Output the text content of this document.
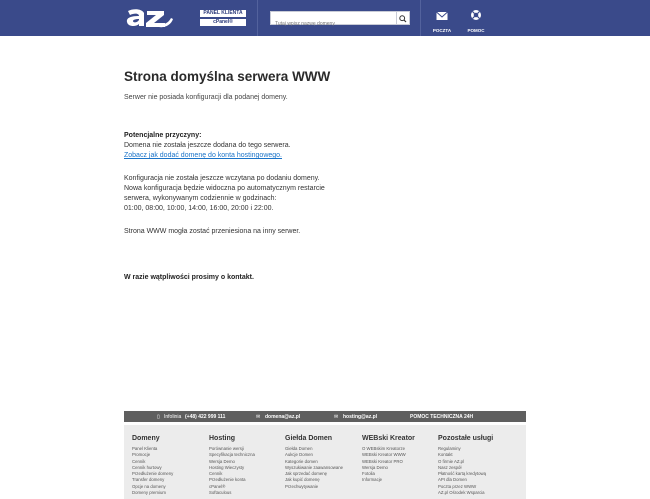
PANEL KLIENTA
cPanel®
Tutaj wpisz nazwę domeny
POCZTA	POMOC
Strona domyślna serwera WWW
Serwer nie posiada konfiguracji dla podanej domeny.
Potencjalne przyczyny:
Domena nie została jeszcze dodana do tego serwera.
Zobacz jak dodać domenę do konta hostingowego.
Konfiguracja nie została jeszcze wczytana po dodaniu domeny.
Nowa konfiguracja będzie widoczna po automatycznym restarcie
serwera, wykonywanym codziennie w godzinach:
01:00, 08:00, 10:00, 14:00, 16:00, 20:00 i 22:00.
Strona WWW mogła zostać przeniesiona na inny serwer.
W razie wątpliwości prosimy o kontakt.
▯ Infolinia (+48) 422 999 111	✉ domena@az.pl	✉ hosting@az.pl	POMOC TECHNICZNA 24H
Domeny
Panel Klienta
Promocje
Cennik
Cennik hurtowy
Przedłużenie domeny
Transfer domeny
Opcje na domeny
Domeny premium
Hosting
Porównanie wersji
Specyfikacja techniczna
Wersja Demo
Hosting Wieczysty
Cennik
Przedłużenie konta
cPanel®
Softaculous
Giełda Domen
Giełda Domen
Aukcje Domen
Kategorie domen
Wyszukiwanie zaawansowane
Jak sprzedać domenę
Jak kupić domenę
Przechwytywanie
WEBski Kreator
O WEBskim Kreatorze
WEBski Kreator WWW
WEBski Kreator PRO
Wersja Demo
Fotolia
Informacje
Pozostałe usługi
Regulaminy
Kontakt
O firmie AZ.pl
Nasz zespół
Płatność kartą kredytową
API dla Domen
Poczta przez WWW
AZ.pl Ośrodek Wsparcia
